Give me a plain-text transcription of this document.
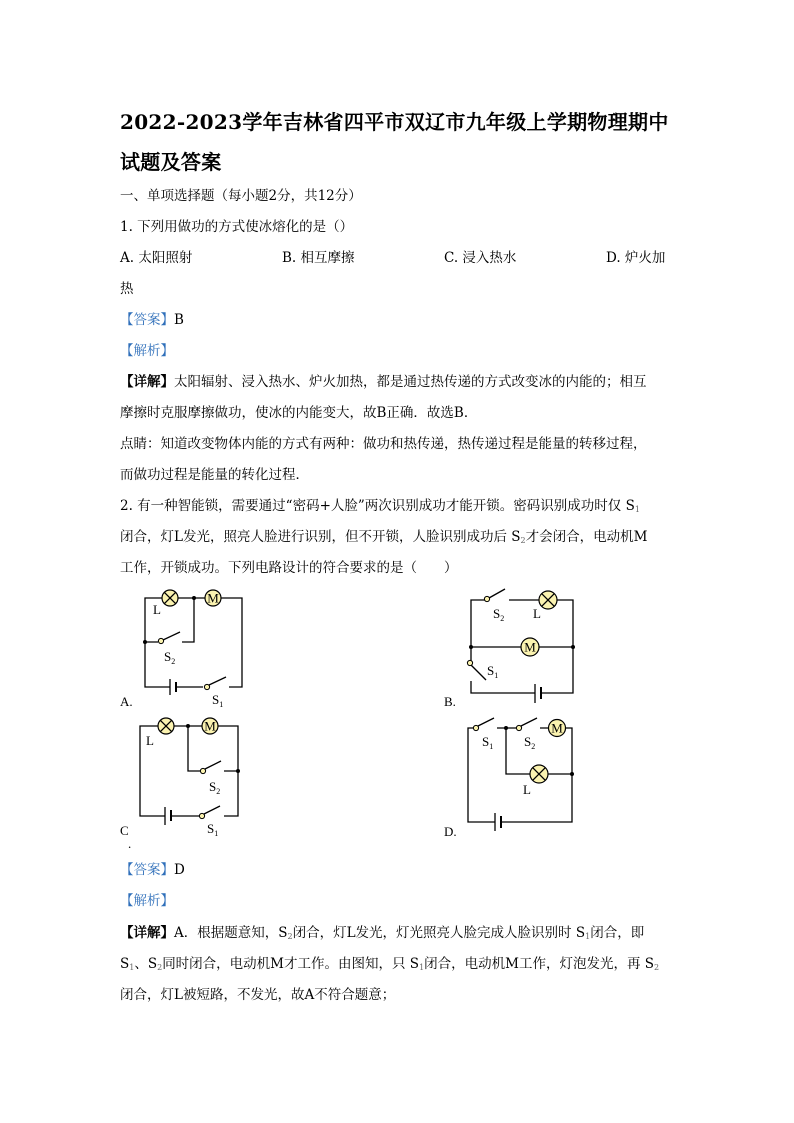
2022-2023学年吉林省四平市双辽市九年级上学期物理期中
试题及答案
一、单项选择题（每小题2分，共12分）
1. 下列用做功的方式使冰熔化的是（）
A. 太阳照射	B. 相互摩擦	C. 浸入热水	D. 炉火加
热
【答案】B
【解析】
【详解】太阳辐射、浸入热水、炉火加热，都是通过热传递的方式改变冰的内能的；相互
摩擦时克服摩擦做功，使冰的内能变大，故B正确．故选B．
点睛：知道改变物体内能的方式有两种：做功和热传递，热传递过程是能量的转移过程，
而做功过程是能量的转化过程．
2. 有一种智能锁，需要通过“密码+人脸”两次识别成功才能开锁。密码识别成功时仅 $S_1$
闭合，灯L发光，照亮人脸进行识别，但不开锁，人脸识别成功后 $S_2$才会闭合，电动机M
工作，开锁成功。下列电路设计的符合要求的是（　　）
M
L
$S_2$
$S_1$
A.
M
$S_2$ L
$S_1$
B.
M
L
$S_2$
$S_1$
C
.
M
$S_1$ $S_2$
L
D.
【答案】D
【解析】
【详解】A．根据题意知，$S_2$闭合，灯L发光，灯光照亮人脸完成人脸识别时 $S_1$闭合，即
$S_1$、$S_2$同时闭合，电动机M才工作。由图知，只 $S_1$闭合，电动机M工作，灯泡发光，再 $S_2$
闭合，灯L被短路，不发光，故A不符合题意；
